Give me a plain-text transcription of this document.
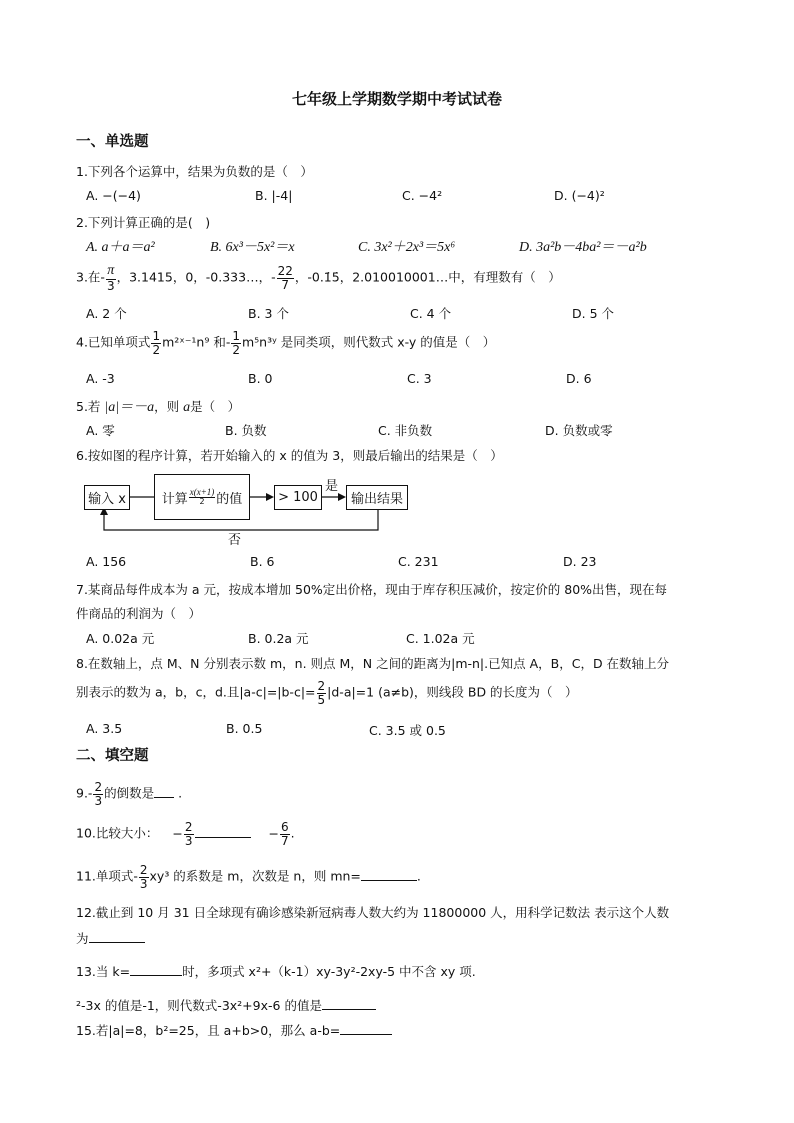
七年级上学期数学期中考试试卷
一、单选题
1.下列各个运算中，结果为负数的是（　）
A. −(−4)	B. |-4|	C. −4²	D. (−4)²
2.下列计算正确的是(　)
A. a＋a＝a²	B. 6x³－5x²＝x	C. 3x²＋2x³＝5x⁶	D. 3a²b－4ba²＝－a²b
3.在- $\frac{\pi}{3}$ ，3.1415，0，-0.333…，- $\frac{22}{7}$ ，-0.1̇5̇，2.010010001…中，有理数有（　）
A. 2 个	B. 3 个	C. 4 个	D. 5 个
4.已知单项式 $\frac{1}{2}$ m²ˣ⁻¹n⁹ 和- $\frac{1}{2}$ m⁵n³ʸ 是同类项，则代数式 x-y 的值是（　）
A. -3	B. 0	C. 3	D. 6
5.若 |a|＝－a，则 a是（　）
A. 零	B. 负数	C. 非负数	D. 负数或零
6.按如图的程序计算，若开始输入的 x 的值为 3，则最后输出的结果是（　）
输入 x	计算 $\frac{x(x+1)}{2}$ 的值	> 100
是
输出结果
否
A. 156	B. 6	C. 231	D. 23
7.某商品每件成本为 a 元，按成本增加 50%定出价格，现由于库存积压减价，按定价的 80%出售，现在每
件商品的利润为（　）
A. 0.02a 元	B. 0.2a 元	C. 1.02a 元
8.在数轴上，点 M、N 分别表示数 m，n. 则点 M，N 之间的距离为|m-n|.已知点 A，B，C，D 在数轴上分
别表示的数为 a，b，c，d.且$|a-c|=|b-c|= \frac{2}{5} |d-a|=1$ (a≠b)，则线段 BD 的长度为（　）
A. 3.5	B. 0.5	C. 3.5 或 0.5
二、填空题
$9.- \frac{2}{3}$ 的倒数是 .
10.比较大小： − $\frac{2}{3}$	− $\frac{6}{7}$ .
11.单项式- $\frac{2}{3} xy^3$ 的系数是 m，次数是 n，则 mn=	.
12.截止到 10 月 31 日全球现有确诊感染新冠病毒人数大约为 11800000 人，用科学记数法 表示这个人数
为
13.当 k=	时，多项式 x²+（k-1）xy-3y²-2xy-5 中不含 xy 项.
²-3x 的值是-1，则代数式-3x²+9x-6 的值是
15.若|a|=8，b²=25，且 a+b>0，那么 a-b=
